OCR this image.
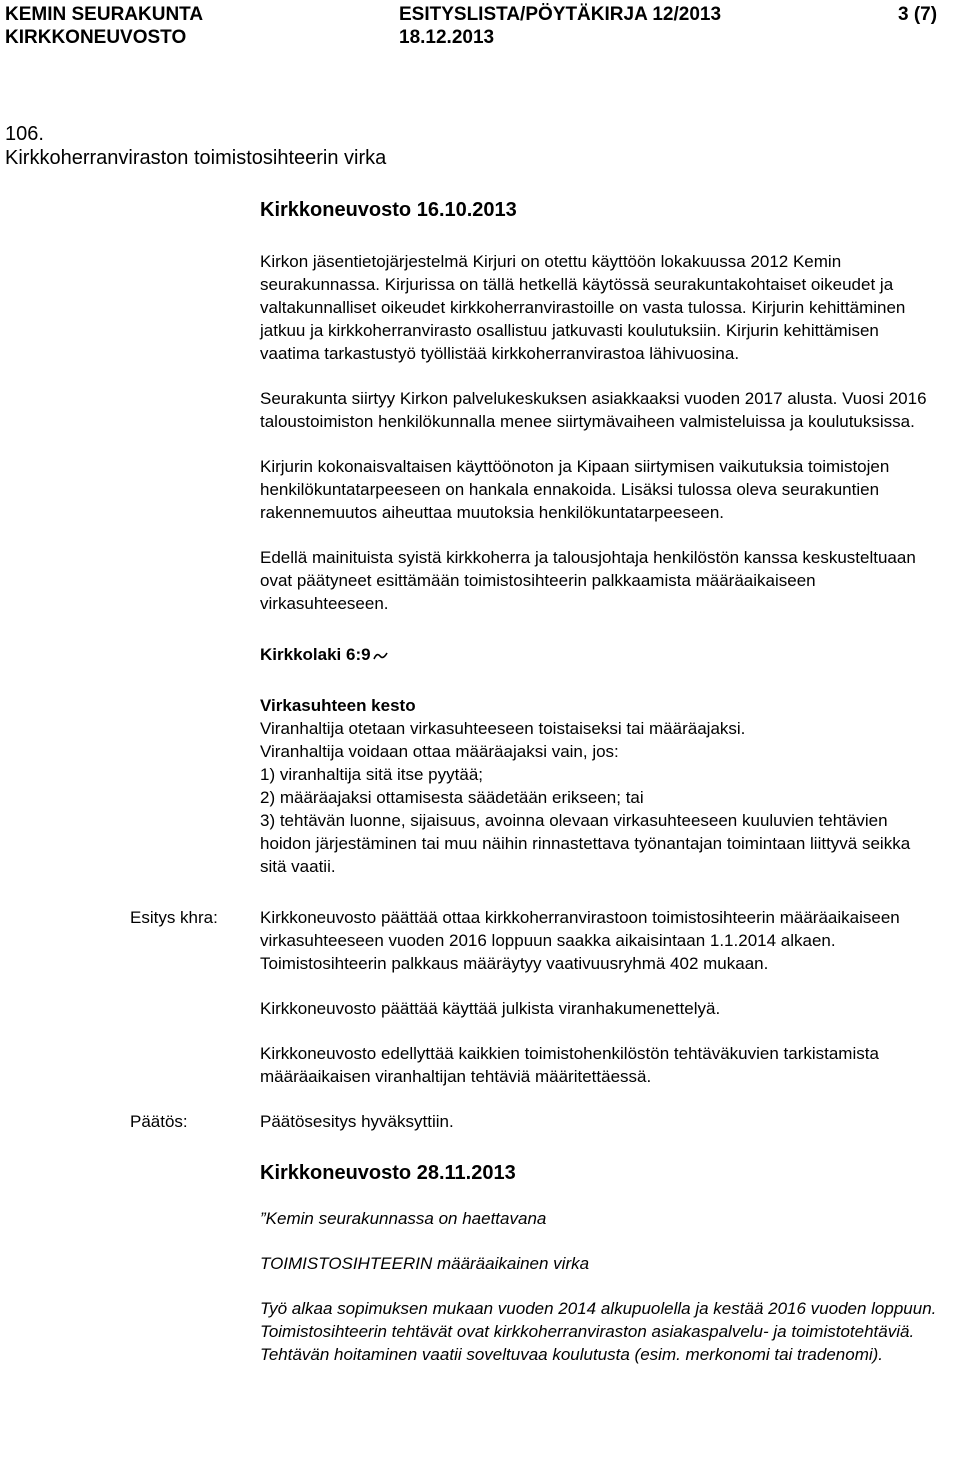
KEMIN SEURAKUNTA
KIRKKONEUVOSTO
ESITYSLISTA/PÖYTÄKIRJA 12/2013
18.12.2013
3 (7)
106.
Kirkkoherranviraston toimistosihteerin virka

Kirkkoneuvosto 16.10.2013

Kirkon jäsentietojärjestelmä Kirjuri on otettu käyttöön lokakuussa 2012 Kemin seurakunnassa. Kirjurissa on tällä hetkellä käytössä seurakuntakohtaiset oikeudet ja valtakunnalliset oikeudet kirkkoherranvirastoille on vasta tulossa. Kirjurin kehittäminen jatkuu ja kirkkoherranvirasto osallistuu jatkuvasti koulutuksiin. Kirjurin kehittämisen vaatima tarkastustyö työllistää kirkkoherranvirastoa lähivuosina.

Seurakunta siirtyy Kirkon palvelukeskuksen asiakkaaksi vuoden 2017 alusta. Vuosi 2016 taloustoimiston henkilökunnalla menee siirtymävaiheen valmisteluissa ja koulutuksissa.

Kirjurin kokonaisvaltaisen käyttöönoton ja Kipaan siirtymisen vaikutuksia toimistojen henkilökuntatarpeeseen on hankala ennakoida. Lisäksi tulossa oleva seurakuntien rakennemuutos aiheuttaa muutoksia henkilökuntatarpeeseen.

Edellä mainituista syistä kirkkoherra ja talousjohtaja henkilöstön kanssa keskusteltuaan ovat päätyneet esittämään toimistosihteerin palkkaamista määräaikaiseen virkasuhteeseen.

Kirkkolaki 6:9

Virkasuhteen kesto

Viranhaltija otetaan virkasuhteeseen toistaiseksi tai määräajaksi.

Viranhaltija voidaan ottaa määräajaksi vain, jos:

1) viranhaltija sitä itse pyytää;

2) määräajaksi ottamisesta säädetään erikseen; tai

3) tehtävän luonne, sijaisuus, avoinna olevaan virkasuhteeseen kuuluvien tehtävien hoidon järjestäminen tai muu näihin rinnastettava työnantajan toimintaan liittyvä seikka sitä vaatii.

Esitys khra: Kirkkoneuvosto päättää ottaa kirkkoherranvirastoon toimistosihteerin määräaikaiseen virkasuhteeseen vuoden 2016 loppuun saakka aikaisintaan 1.1.2014 alkaen. Toimistosihteerin palkkaus määräytyy vaativuusryhmä 402 mukaan.

Kirkkoneuvosto päättää käyttää julkista viranhakumenettelyä.

Kirkkoneuvosto edellyttää kaikkien toimistohenkilöstön tehtäväkuvien tarkistamista määräaikaisen viranhaltijan tehtäviä määritettäessä.

Päätös:	Päätösesitys hyväksyttiin.

Kirkkoneuvosto 28.11.2013

”Kemin seurakunnassa on haettavana

TOIMISTOSIHTEERIN määräaikainen virka

Työ alkaa sopimuksen mukaan vuoden 2014 alkupuolella ja kestää 2016 vuoden loppuun. Toimistosihteerin tehtävät ovat kirkkoherranviraston asiakaspalvelu- ja toimistotehtäviä. Tehtävän hoitaminen vaatii soveltuvaa koulutusta (esim. merkonomi tai tradenomi).
